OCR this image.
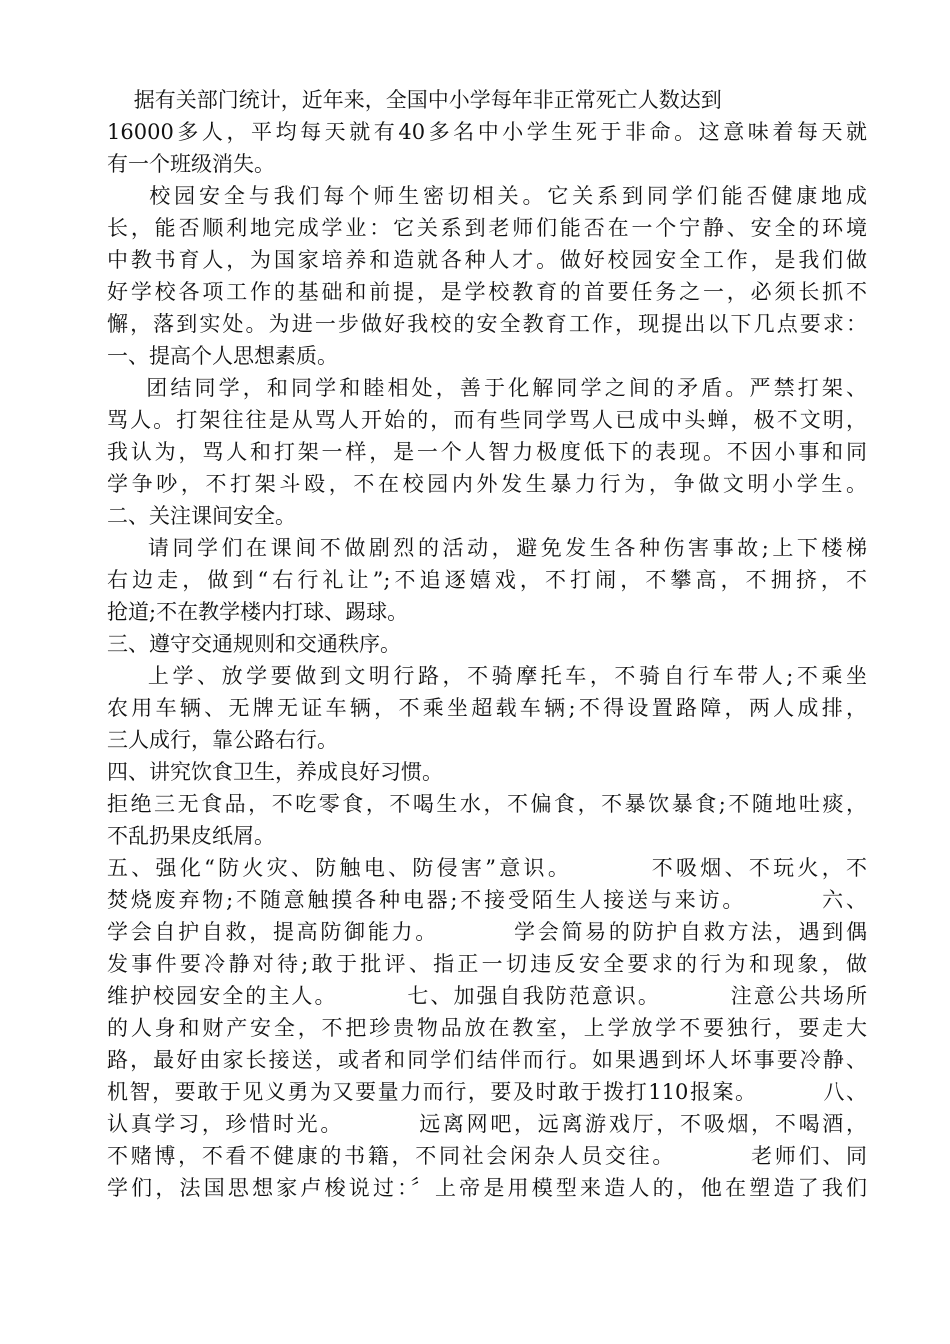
据有关部门统计，近年来，全国中小学每年非正常死亡人数达到
16000多人，平均每天就有40多名中小学生死于非命。这意味着每天就
有一个班级消失。
校园安全与我们每个师生密切相关。它关系到同学们能否健康地成
长，能否顺利地完成学业：它关系到老师们能否在一个宁静、安全的环境
中教书育人，为国家培养和造就各种人才。做好校园安全工作，是我们做
好学校各项工作的基础和前提，是学校教育的首要任务之一，必须长抓不
懈，落到实处。为进一步做好我校的安全教育工作，现提出以下几点要求：
一、提高个人思想素质。
团结同学，和同学和睦相处，善于化解同学之间的矛盾。严禁打架、
骂人。打架往往是从骂人开始的，而有些同学骂人已成中头蝉，极不文明，
我认为，骂人和打架一样，是一个人智力极度低下的表现。不因小事和同
学争吵，不打架斗殴，不在校园内外发生暴力行为，争做文明小学生。
二、关注课间安全。
请同学们在课间不做剧烈的活动，避免发生各种伤害事故;上下楼梯
右边走，做到“右行礼让”;不追逐嬉戏，不打闹，不攀高，不拥挤，不
抢道;不在教学楼内打球、踢球。
三、遵守交通规则和交通秩序。
上学、放学要做到文明行路，不骑摩托车，不骑自行车带人;不乘坐
农用车辆、无牌无证车辆，不乘坐超载车辆;不得设置路障，两人成排，
三人成行，靠公路右行。
四、讲究饮食卫生，养成良好习惯。
拒绝三无食品，不吃零食，不喝生水，不偏食，不暴饮暴食;不随地吐痰，
不乱扔果皮纸屑。
五、强化“防火灾、防触电、防侵害”意识。        不吸烟、不玩火，不
焚烧废弃物;不随意触摸各种电器;不接受陌生人接送与来访。        六、
学会自护自救，提高防御能力。        学会简易的防护自救方法，遇到偶
发事件要冷静对待;敢于批评、指正一切违反安全要求的行为和现象，做
维护校园安全的主人。        七、加强自我防范意识。        注意公共场所
的人身和财产安全，不把珍贵物品放在教室，上学放学不要独行，要走大
路，最好由家长接送，或者和同学们结伴而行。如果遇到坏人坏事要冷静、
机智，要敢于见义勇为又要量力而行，要及时敢于拨打110报案。        八、
认真学习，珍惜时光。        远离网吧，远离游戏厅，不吸烟，不喝酒，
不赌博，不看不健康的书籍，不同社会闲杂人员交往。        老师们、同
学们，法国思想家卢梭说过：〞上帝是用模型来造人的，他在塑造了我们
